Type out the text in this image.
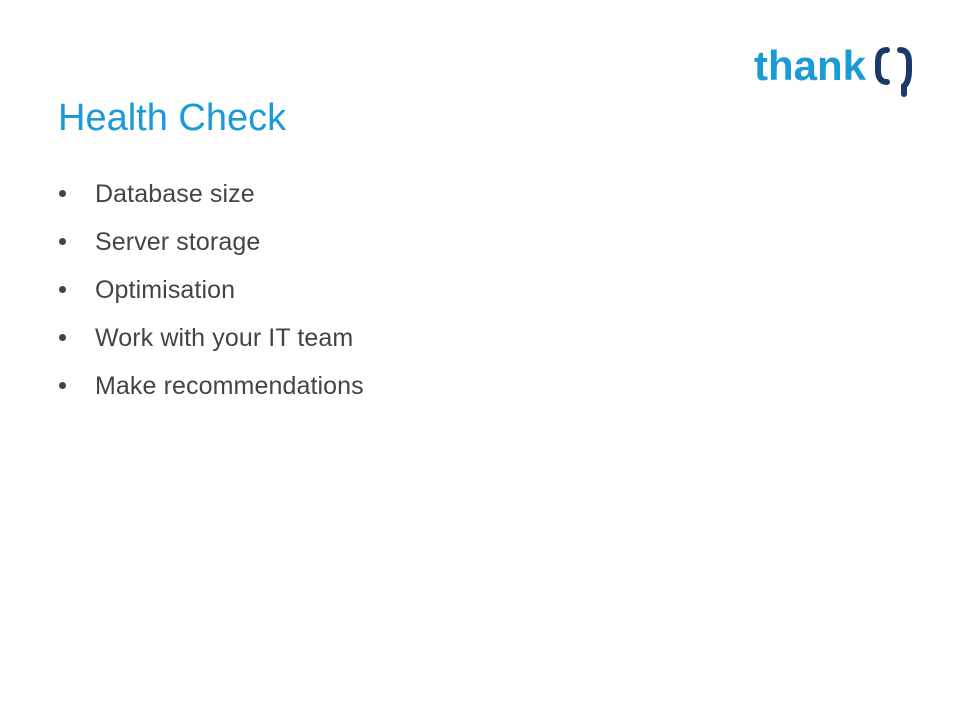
thank
Health Check
Database size
Server storage
Optimisation
Work with your IT team
Make recommendations
